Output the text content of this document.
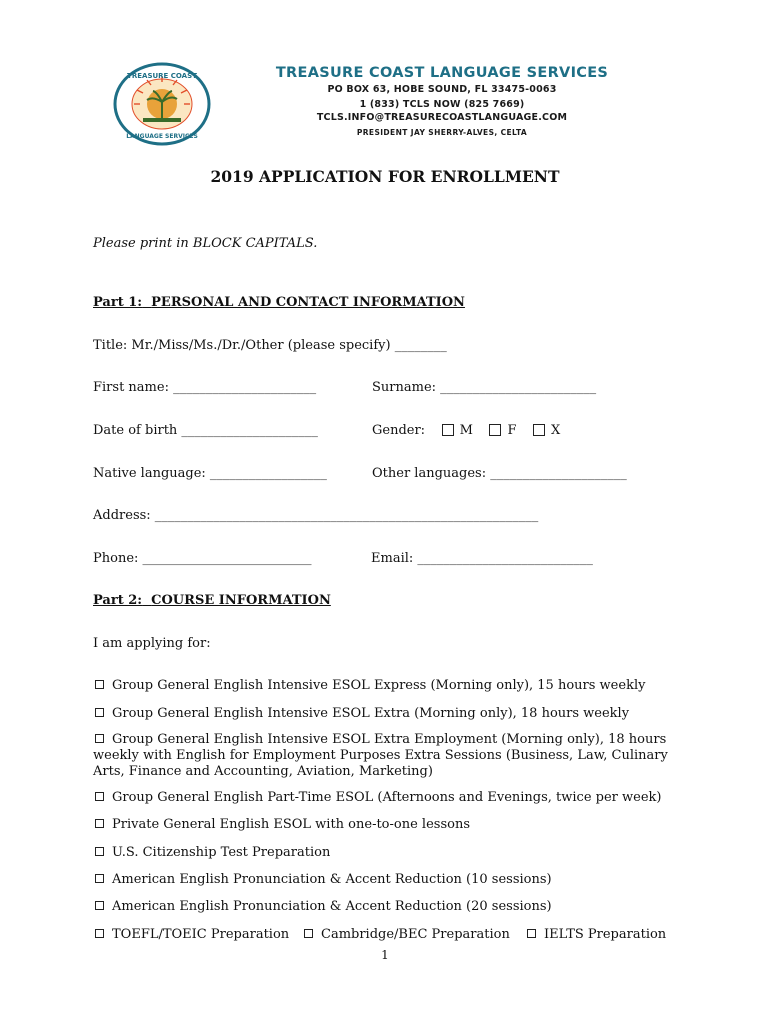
TREASURE COAST
LANGUAGE SERVICES
TREASURE COAST LANGUAGE SERVICES
PO BOX 63, HOBE SOUND, FL 33475-0063
1 (833) TCLS NOW (825 7669)
TCLS.INFO@TREASURECOASTLANGUAGE.COM
PRESIDENT JAY SHERRY-ALVES, CELTA
2019 APPLICATION FOR ENROLLMENT
Please print in BLOCK CAPITALS.
Part 1: PERSONAL AND CONTACT INFORMATION
Title: Mr./Miss/Ms./Dr./Other (please specify) ________
First name: ______________________	Surname: ________________________
Date of birth _____________________	Gender:	M	F	X
Native language: __________________	Other languages: _____________________
Address: ___________________________________________________________
Phone: __________________________	Email: ___________________________
Part 2: COURSE INFORMATION
I am applying for:
Group General English Intensive ESOL Express (Morning only), 15 hours weekly
Group General English Intensive ESOL Extra (Morning only), 18 hours weekly
Group General English Intensive ESOL Extra Employment (Morning only), 18 hours weekly with English for Employment Purposes Extra Sessions (Business, Law, Culinary Arts, Finance and Accounting, Aviation, Marketing)
Group General English Part-Time ESOL (Afternoons and Evenings, twice per week)
Private General English ESOL with one-to-one lessons
U.S. Citizenship Test Preparation
American English Pronunciation & Accent Reduction (10 sessions)
American English Pronunciation & Accent Reduction (20 sessions)
TOEFL/TOEIC Preparation	Cambridge/BEC Preparation	IELTS Preparation
1
